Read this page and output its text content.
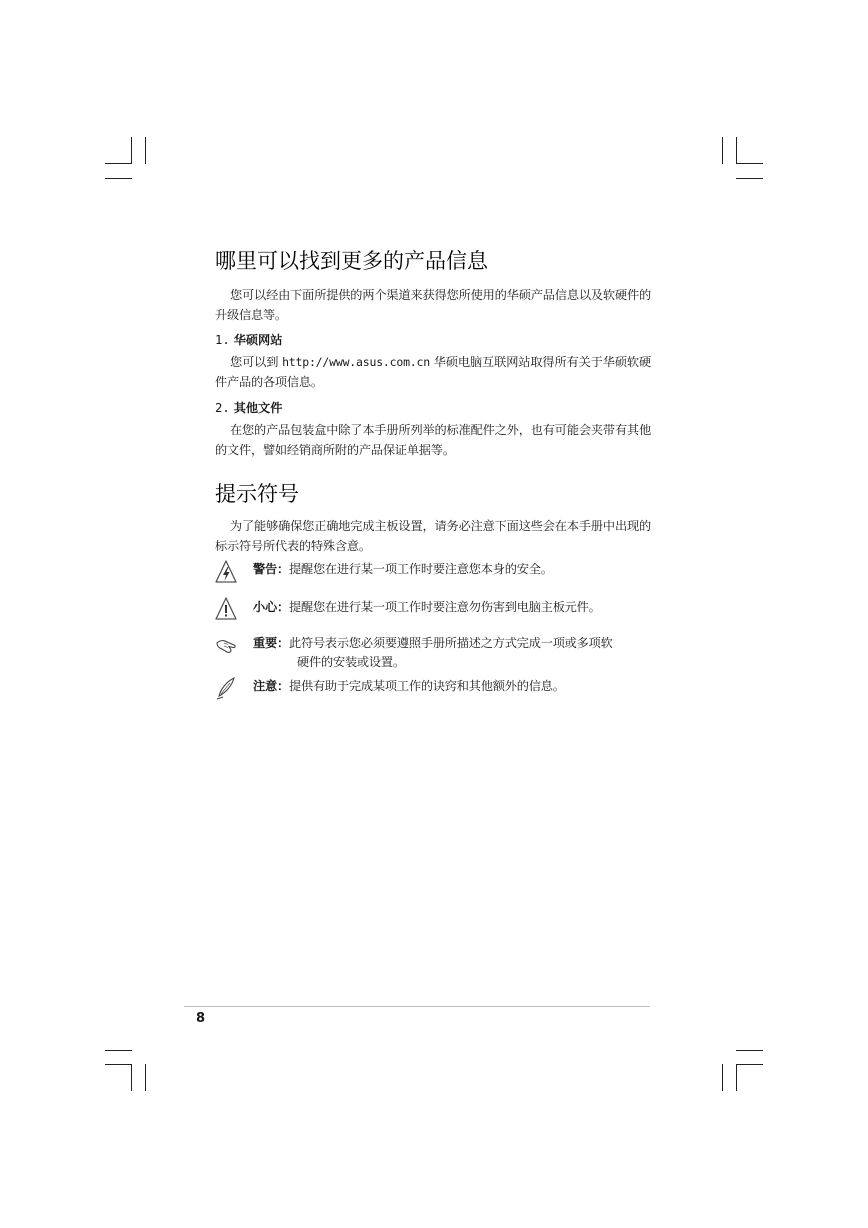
哪里可以找到更多的产品信息

您可以经由下面所提供的两个渠道来获得您所使用的华硕产品信息以及软硬件的升级信息等。

1. 华硕网站

您可以到 http://www.asus.com.cn 华硕电脑互联网站取得所有关于华硕软硬件产品的各项信息。

2. 其他文件

在您的产品包装盒中除了本手册所列举的标准配件之外，也有可能会夹带有其他的文件，譬如经销商所附的产品保证单据等。

提示符号

为了能够确保您正确地完成主板设置，请务必注意下面这些会在本手册中出现的标示符号所代表的特殊含意。

警告：提醒您在进行某一项工作时要注意您本身的安全。
小心：提醒您在进行某一项工作时要注意勿伤害到电脑主板元件。
重要：此符号表示您必须要遵照手册所描述之方式完成一项或多项软
硬件的安装或设置。
注意：提供有助于完成某项工作的诀窍和其他额外的信息。
8
